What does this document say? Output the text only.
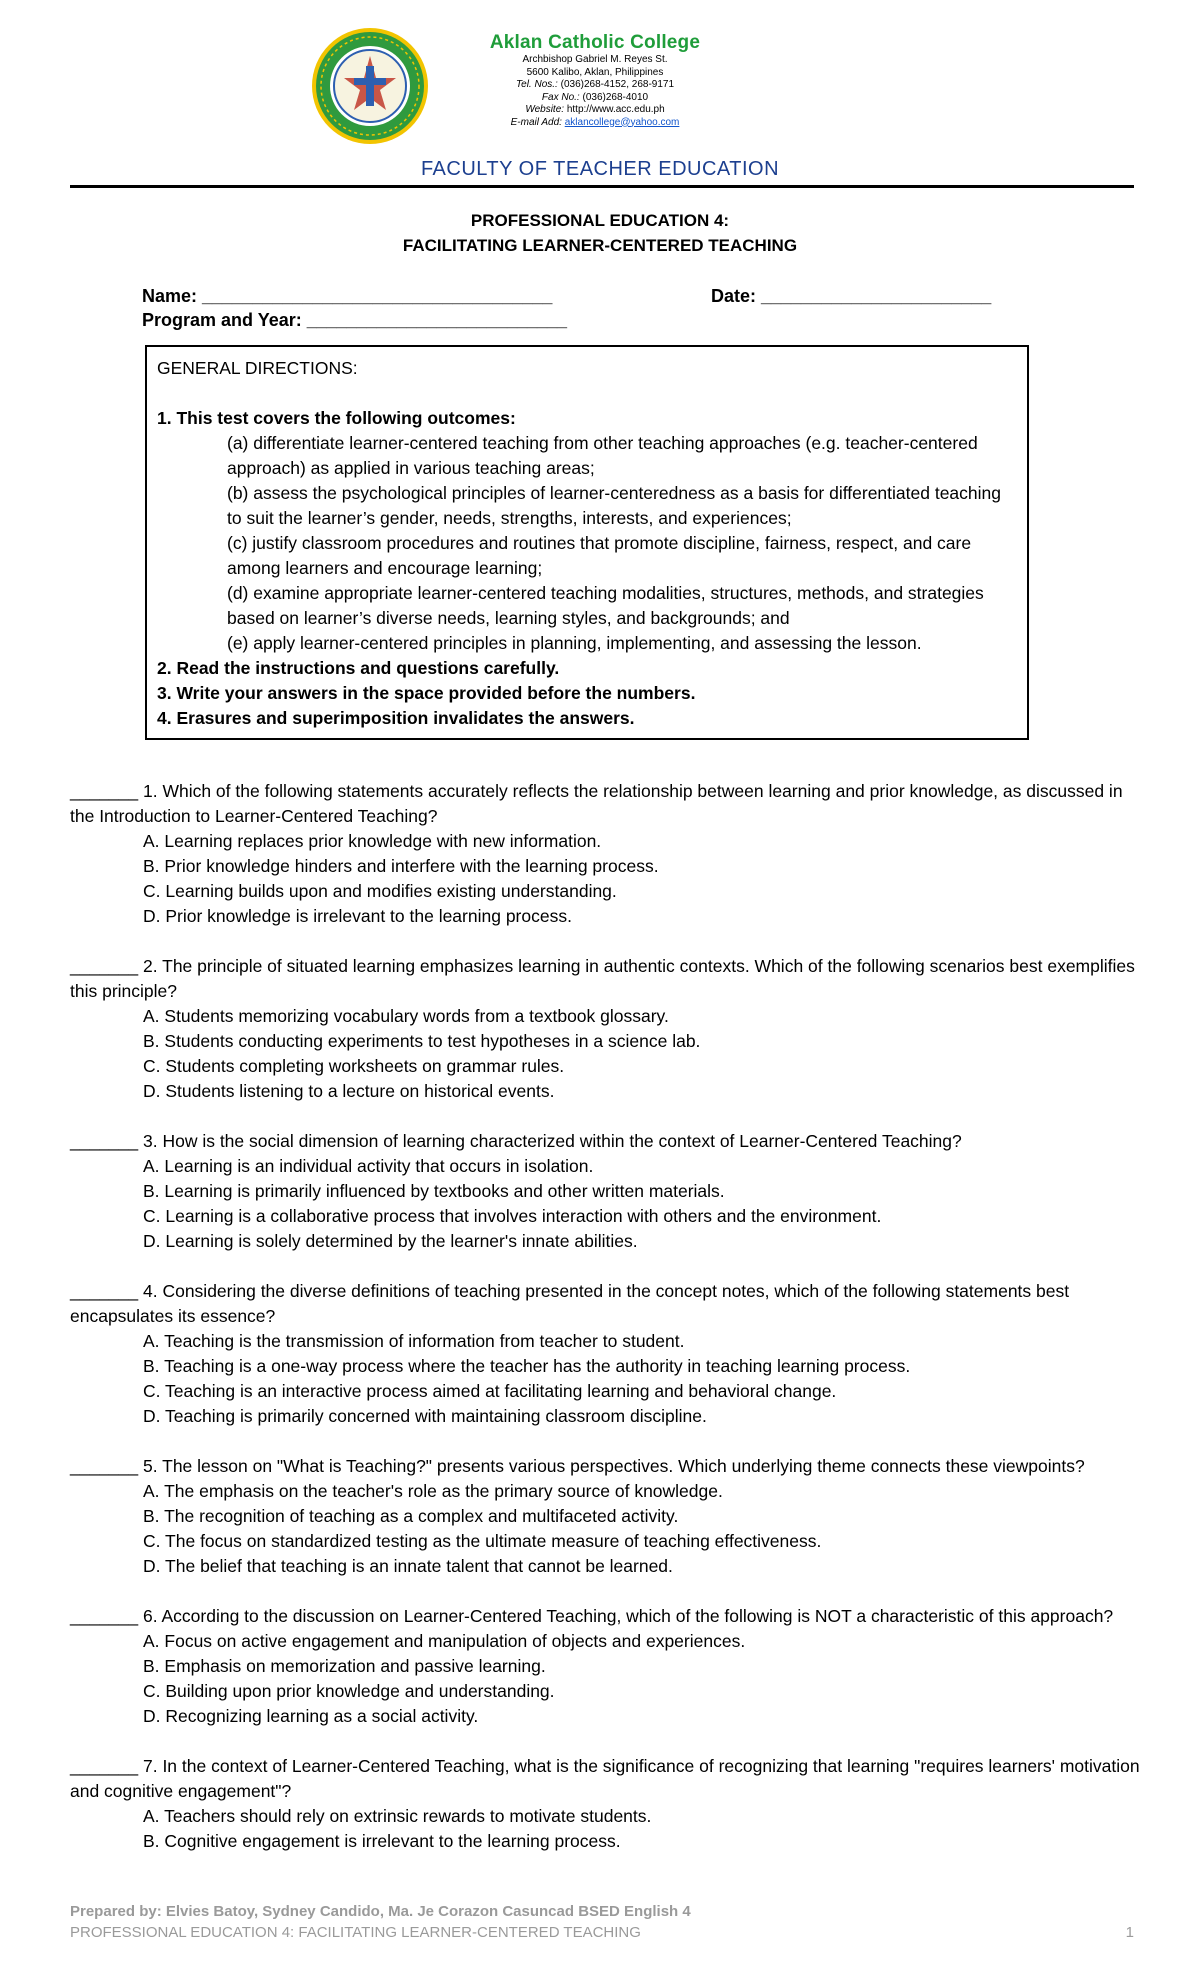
Aklan Catholic College
Archbishop Gabriel M. Reyes St.
5600 Kalibo, Aklan, Philippines
Tel. Nos.: (036)268-4152, 268-9171
Fax No.: (036)268-4010
Website: http://www.acc.edu.ph
E-mail Add: aklancollege@yahoo.com
FACULTY OF TEACHER EDUCATION
PROFESSIONAL EDUCATION 4:
FACILITATING LEARNER-CENTERED TEACHING
Name: ___________________________________	Date: _______________________
Program and Year: __________________________
GENERAL DIRECTIONS:
1. This test covers the following outcomes:
(a) differentiate learner-centered teaching from other teaching approaches (e.g. teacher-centered approach) as applied in various teaching areas;
(b) assess the psychological principles of learner-centeredness as a basis for differentiated teaching to suit the learner’s gender, needs, strengths, interests, and experiences;
(c) justify classroom procedures and routines that promote discipline, fairness, respect, and care among learners and encourage learning;
(d) examine appropriate learner-centered teaching modalities, structures, methods, and strategies based on learner’s diverse needs, learning styles, and backgrounds; and
(e) apply learner-centered principles in planning, implementing, and assessing the lesson.
2. Read the instructions and questions carefully.
3. Write your answers in the space provided before the numbers.
4. Erasures and superimposition invalidates the answers.
_______ 1. Which of the following statements accurately reflects the relationship between learning and prior knowledge, as discussed in the Introduction to Learner-Centered Teaching?
A. Learning replaces prior knowledge with new information.
B. Prior knowledge hinders and interfere with the learning process.
C. Learning builds upon and modifies existing understanding.
D. Prior knowledge is irrelevant to the learning process.
_______ 2. The principle of situated learning emphasizes learning in authentic contexts. Which of the following scenarios best exemplifies this principle?
A. Students memorizing vocabulary words from a textbook glossary.
B. Students conducting experiments to test hypotheses in a science lab.
C. Students completing worksheets on grammar rules.
D. Students listening to a lecture on historical events.
_______ 3. How is the social dimension of learning characterized within the context of Learner-Centered Teaching?
A. Learning is an individual activity that occurs in isolation.
B. Learning is primarily influenced by textbooks and other written materials.
C. Learning is a collaborative process that involves interaction with others and the environment.
D. Learning is solely determined by the learner's innate abilities.
_______ 4. Considering the diverse definitions of teaching presented in the concept notes, which of the following statements best encapsulates its essence?
A. Teaching is the transmission of information from teacher to student.
B. Teaching is a one-way process where the teacher has the authority in teaching learning process.
C. Teaching is an interactive process aimed at facilitating learning and behavioral change.
D. Teaching is primarily concerned with maintaining classroom discipline.
_______ 5. The lesson on "What is Teaching?" presents various perspectives. Which underlying theme connects these viewpoints?
A. The emphasis on the teacher's role as the primary source of knowledge.
B. The recognition of teaching as a complex and multifaceted activity.
C. The focus on standardized testing as the ultimate measure of teaching effectiveness.
D. The belief that teaching is an innate talent that cannot be learned.
_______ 6. According to the discussion on Learner-Centered Teaching, which of the following is NOT a characteristic of this approach?
A. Focus on active engagement and manipulation of objects and experiences.
B. Emphasis on memorization and passive learning.
C. Building upon prior knowledge and understanding.
D. Recognizing learning as a social activity.
_______ 7. In the context of Learner-Centered Teaching, what is the significance of recognizing that learning "requires learners' motivation and cognitive engagement"?
A. Teachers should rely on extrinsic rewards to motivate students.
B. Cognitive engagement is irrelevant to the learning process.
Prepared by: Elvies Batoy, Sydney Candido, Ma. Je Corazon Casuncad BSED English 4
PROFESSIONAL EDUCATION 4: FACILITATING LEARNER-CENTERED TEACHING	1
